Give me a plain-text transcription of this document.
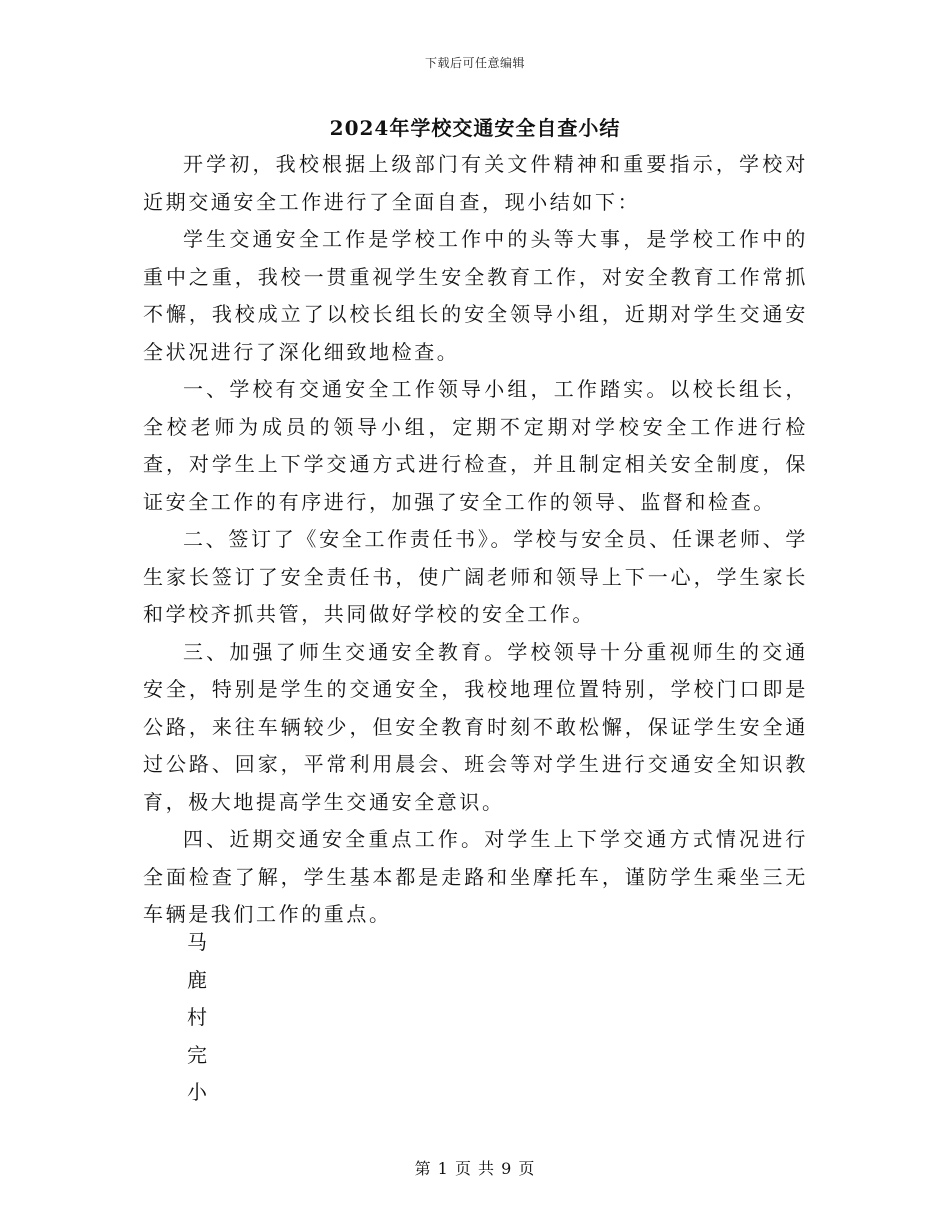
下载后可任意编辑
2024年学校交通安全自查小结

开学初，我校根据上级部门有关文件精神和重要指示，学校对近期交通安全工作进行了全面自查，现小结如下：

学生交通安全工作是学校工作中的头等大事，是学校工作中的重中之重，我校一贯重视学生安全教育工作，对安全教育工作常抓不懈，我校成立了以校长组长的安全领导小组，近期对学生交通安全状况进行了深化细致地检查。

一、学校有交通安全工作领导小组，工作踏实。以校长组长，全校老师为成员的领导小组，定期不定期对学校安全工作进行检查，对学生上下学交通方式进行检查，并且制定相关安全制度，保证安全工作的有序进行，加强了安全工作的领导、监督和检查。

二、签订了《安全工作责任书》。学校与安全员、任课老师、学生家长签订了安全责任书，使广阔老师和领导上下一心，学生家长和学校齐抓共管，共同做好学校的安全工作。

三、加强了师生交通安全教育。学校领导十分重视师生的交通安全，特别是学生的交通安全，我校地理位置特别，学校门口即是公路，来往车辆较少，但安全教育时刻不敢松懈，保证学生安全通过公路、回家，平常利用晨会、班会等对学生进行交通安全知识教育，极大地提高学生交通安全意识。

四、近期交通安全重点工作。对学生上下学交通方式情况进行全面检查了解，学生基本都是走路和坐摩托车，谨防学生乘坐三无车辆是我们工作的重点。

马
鹿
村
完
小
第 1 页 共 9 页
